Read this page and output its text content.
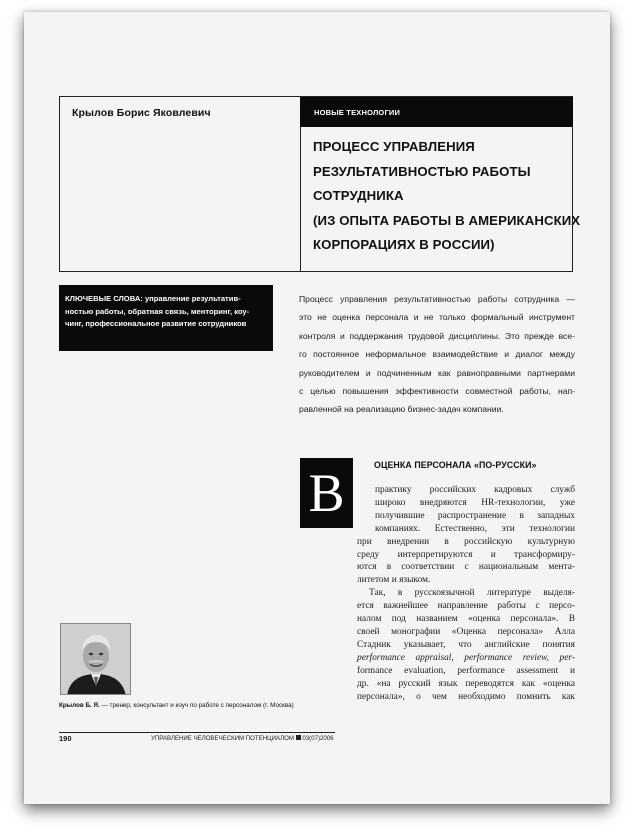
Крылов Борис Яковлевич	НОВЫЕ ТЕХНОЛОГИИ
ПРОЦЕСС УПРАВЛЕНИЯ
РЕЗУЛЬТАТИВНОСТЬЮ РАБОТЫ
СОТРУДНИКА
(ИЗ ОПЫТА РАБОТЫ В АМЕРИКАНСКИХ
КОРПОРАЦИЯХ В РОССИИ)
КЛЮЧЕВЫЕ СЛОВА: управление результатив-
ностью работы, обратная связь, менторинг, коу-
чинг, профессиональное развитие сотрудников
Процесс управления результативностью работы сотрудника —
это не оценка персонала и не только формальный инструмент
контроля и поддержания трудовой дисциплины. Это прежде все-
го постоянное неформальное взаимодействие и диалог между
руководителем и подчиненным как равноправными партнерами
с целью повышения эффективности совместной работы, нап-
равленной на реализацию бизнес-задач компании.
В	ОЦЕНКА ПЕРСОНАЛА «ПО-РУССКИ»
практику российских кадровых служб
широко внедряются HR-технологии, уже
получившие распространение в западных
компаниях. Естественно, эти технологии
при внедрении в российскую культурную
среду интерпретируются и трансформиру-
ются в соответствии с национальным мента-
литетом и языком.
Так, в русскоязычной литературе выделя-
ется важнейшее направление работы с персо-
налом под названием «оценка персонала». В
своей монографии «Оценка персонала» Алла
Стадник указывает, что английские понятия
performance appraisal, performance review, per-
formance evaluation, performance assessment и
др. «на русский язык переводятся как «оценка
персонала», о чем необходимо помнить как
Крылов Б. Я. — тренер, консультант и коуч по работе с персоналом (г. Москва)
190	УПРАВЛЕНИЕ ЧЕЛОВЕЧЕСКИМ ПОТЕНЦИАЛОМ  03(07)2006
